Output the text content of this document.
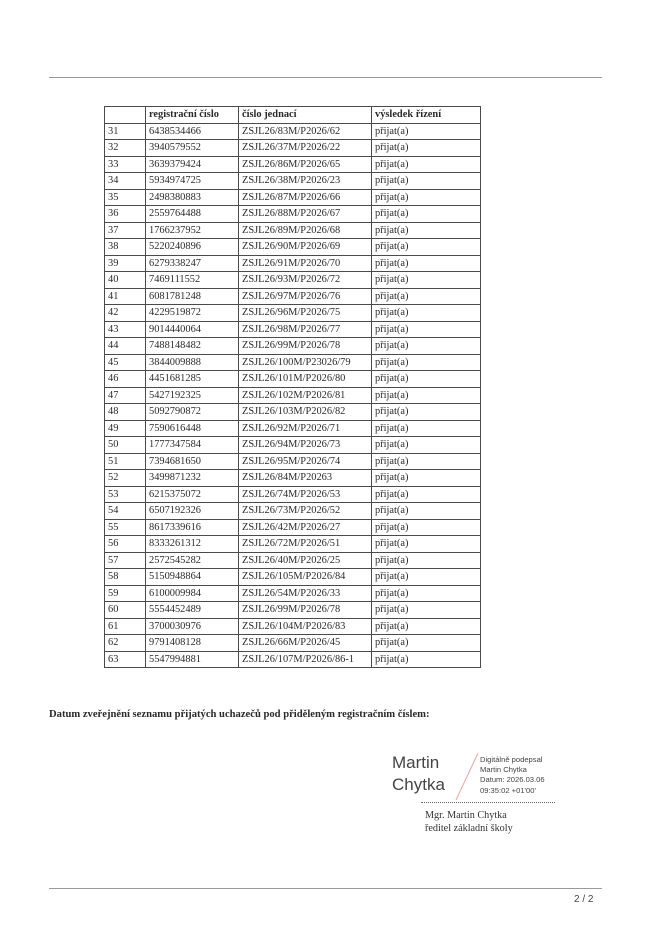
	registrační číslo	číslo jednací	výsledek řízení
31	6438534466	ZSJL26/83M/P2026/62	přijat(a)
32	3940579552	ZSJL26/37M/P2026/22	přijat(a)
33	3639379424	ZSJL26/86M/P2026/65	přijat(a)
34	5934974725	ZSJL26/38M/P2026/23	přijat(a)
35	2498380883	ZSJL26/87M/P2026/66	přijat(a)
36	2559764488	ZSJL26/88M/P2026/67	přijat(a)
37	1766237952	ZSJL26/89M/P2026/68	přijat(a)
38	5220240896	ZSJL26/90M/P2026/69	přijat(a)
39	6279338247	ZSJL26/91M/P2026/70	přijat(a)
40	7469111552	ZSJL26/93M/P2026/72	přijat(a)
41	6081781248	ZSJL26/97M/P2026/76	přijat(a)
42	4229519872	ZSJL26/96M/P2026/75	přijat(a)
43	9014440064	ZSJL26/98M/P2026/77	přijat(a)
44	7488148482	ZSJL26/99M/P2026/78	přijat(a)
45	3844009888	ZSJL26/100M/P23026/79	přijat(a)
46	4451681285	ZSJL26/101M/P2026/80	přijat(a)
47	5427192325	ZSJL26/102M/P2026/81	přijat(a)
48	5092790872	ZSJL26/103M/P2026/82	přijat(a)
49	7590616448	ZSJL26/92M/P2026/71	přijat(a)
50	1777347584	ZSJL26/94M/P2026/73	přijat(a)
51	7394681650	ZSJL26/95M/P2026/74	přijat(a)
52	3499871232	ZSJL26/84M/P20263	přijat(a)
53	6215375072	ZSJL26/74M/P2026/53	přijat(a)
54	6507192326	ZSJL26/73M/P2026/52	přijat(a)
55	8617339616	ZSJL26/42M/P2026/27	přijat(a)
56	8333261312	ZSJL26/72M/P2026/51	přijat(a)
57	2572545282	ZSJL26/40M/P2026/25	přijat(a)
58	5150948864	ZSJL26/105M/P2026/84	přijat(a)
59	6100009984	ZSJL26/54M/P2026/33	přijat(a)
60	5554452489	ZSJL26/99M/P2026/78	přijat(a)
61	3700030976	ZSJL26/104M/P2026/83	přijat(a)
62	9791408128	ZSJL26/66M/P2026/45	přijat(a)
63	5547994881	ZSJL26/107M/P2026/86-1	přijat(a)
Datum zveřejnění seznamu přijatých uchazečů pod přiděleným registračním číslem:
Martin
Chytka
Digitálně podepsal
Martin Chytka
Datum: 2026.03.06
09:35:02 +01'00'
Mgr. Martin Chytka
ředitel základní školy
2 / 2
